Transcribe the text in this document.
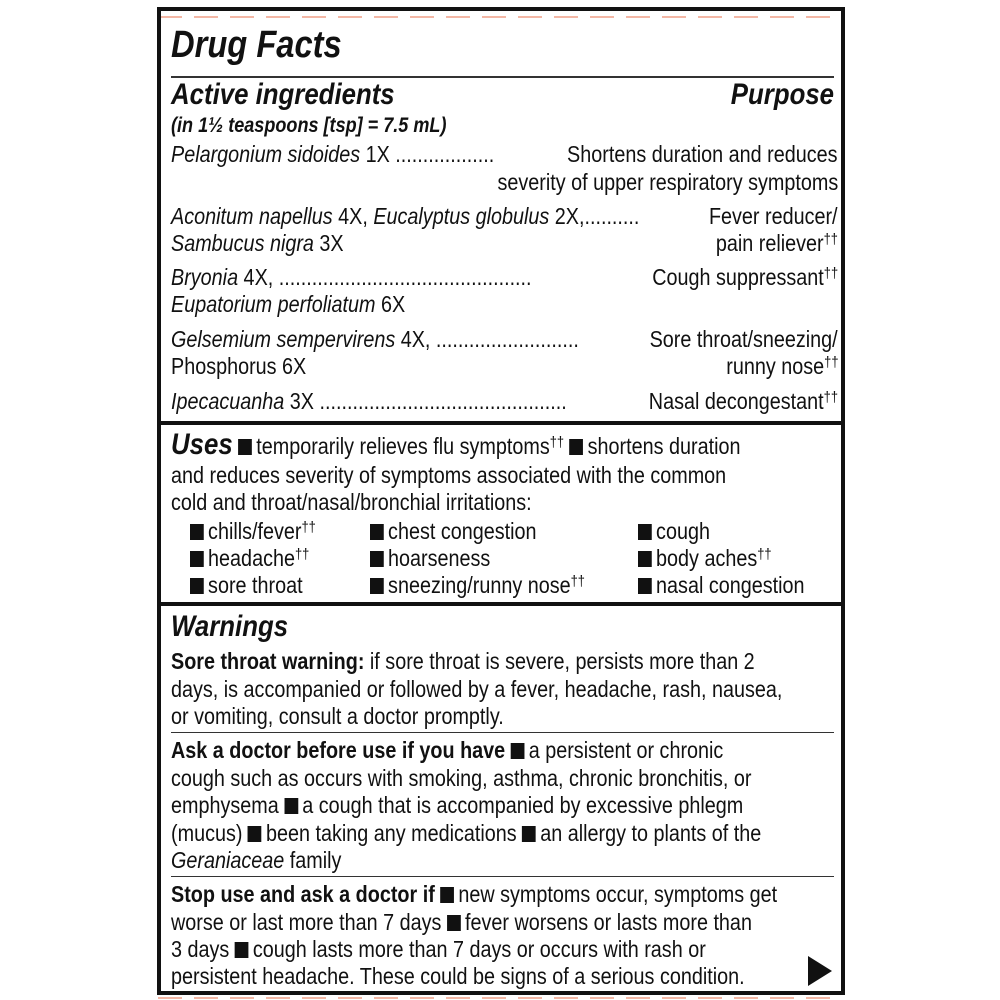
Drug Facts
Active ingredients	Purpose
(in 1½ teaspoons [tsp] = 7.5 mL)
Pelargonium sidoides 1X ..................	Shortens duration and reduces
severity of upper respiratory symptoms
Aconitum napellus 4X, Eucalyptus globulus 2X,..........	Fever reducer/
Sambucus nigra 3X	pain reliever††
Bryonia 4X, ..............................................	Cough suppressant††
Eupatorium perfoliatum 6X
Gelsemium sempervirens 4X, ..........................	Sore throat/sneezing/
Phosphorus 6X	runny nose††
Ipecacuanha 3X .............................................	Nasal decongestant††
Uses temporarily relieves flu symptoms†† shortens duration
and reduces severity of symptoms associated with the common
cold and throat/nasal/bronchial irritations:
chills/fever††	chest congestion	cough
headache††	hoarseness	body aches††
sore throat	sneezing/runny nose††	nasal congestion
Warnings
Sore throat warning: if sore throat is severe, persists more than 2
days, is accompanied or followed by a fever, headache, rash, nausea,
or vomiting, consult a doctor promptly.
Ask a doctor before use if you have a persistent or chronic
cough such as occurs with smoking, asthma, chronic bronchitis, or
emphysema a cough that is accompanied by excessive phlegm
(mucus) been taking any medications an allergy to plants of the
Geraniaceae family
Stop use and ask a doctor if new symptoms occur, symptoms get
worse or last more than 7 days fever worsens or lasts more than
3 days cough lasts more than 7 days or occurs with rash or
persistent headache. These could be signs of a serious condition.
